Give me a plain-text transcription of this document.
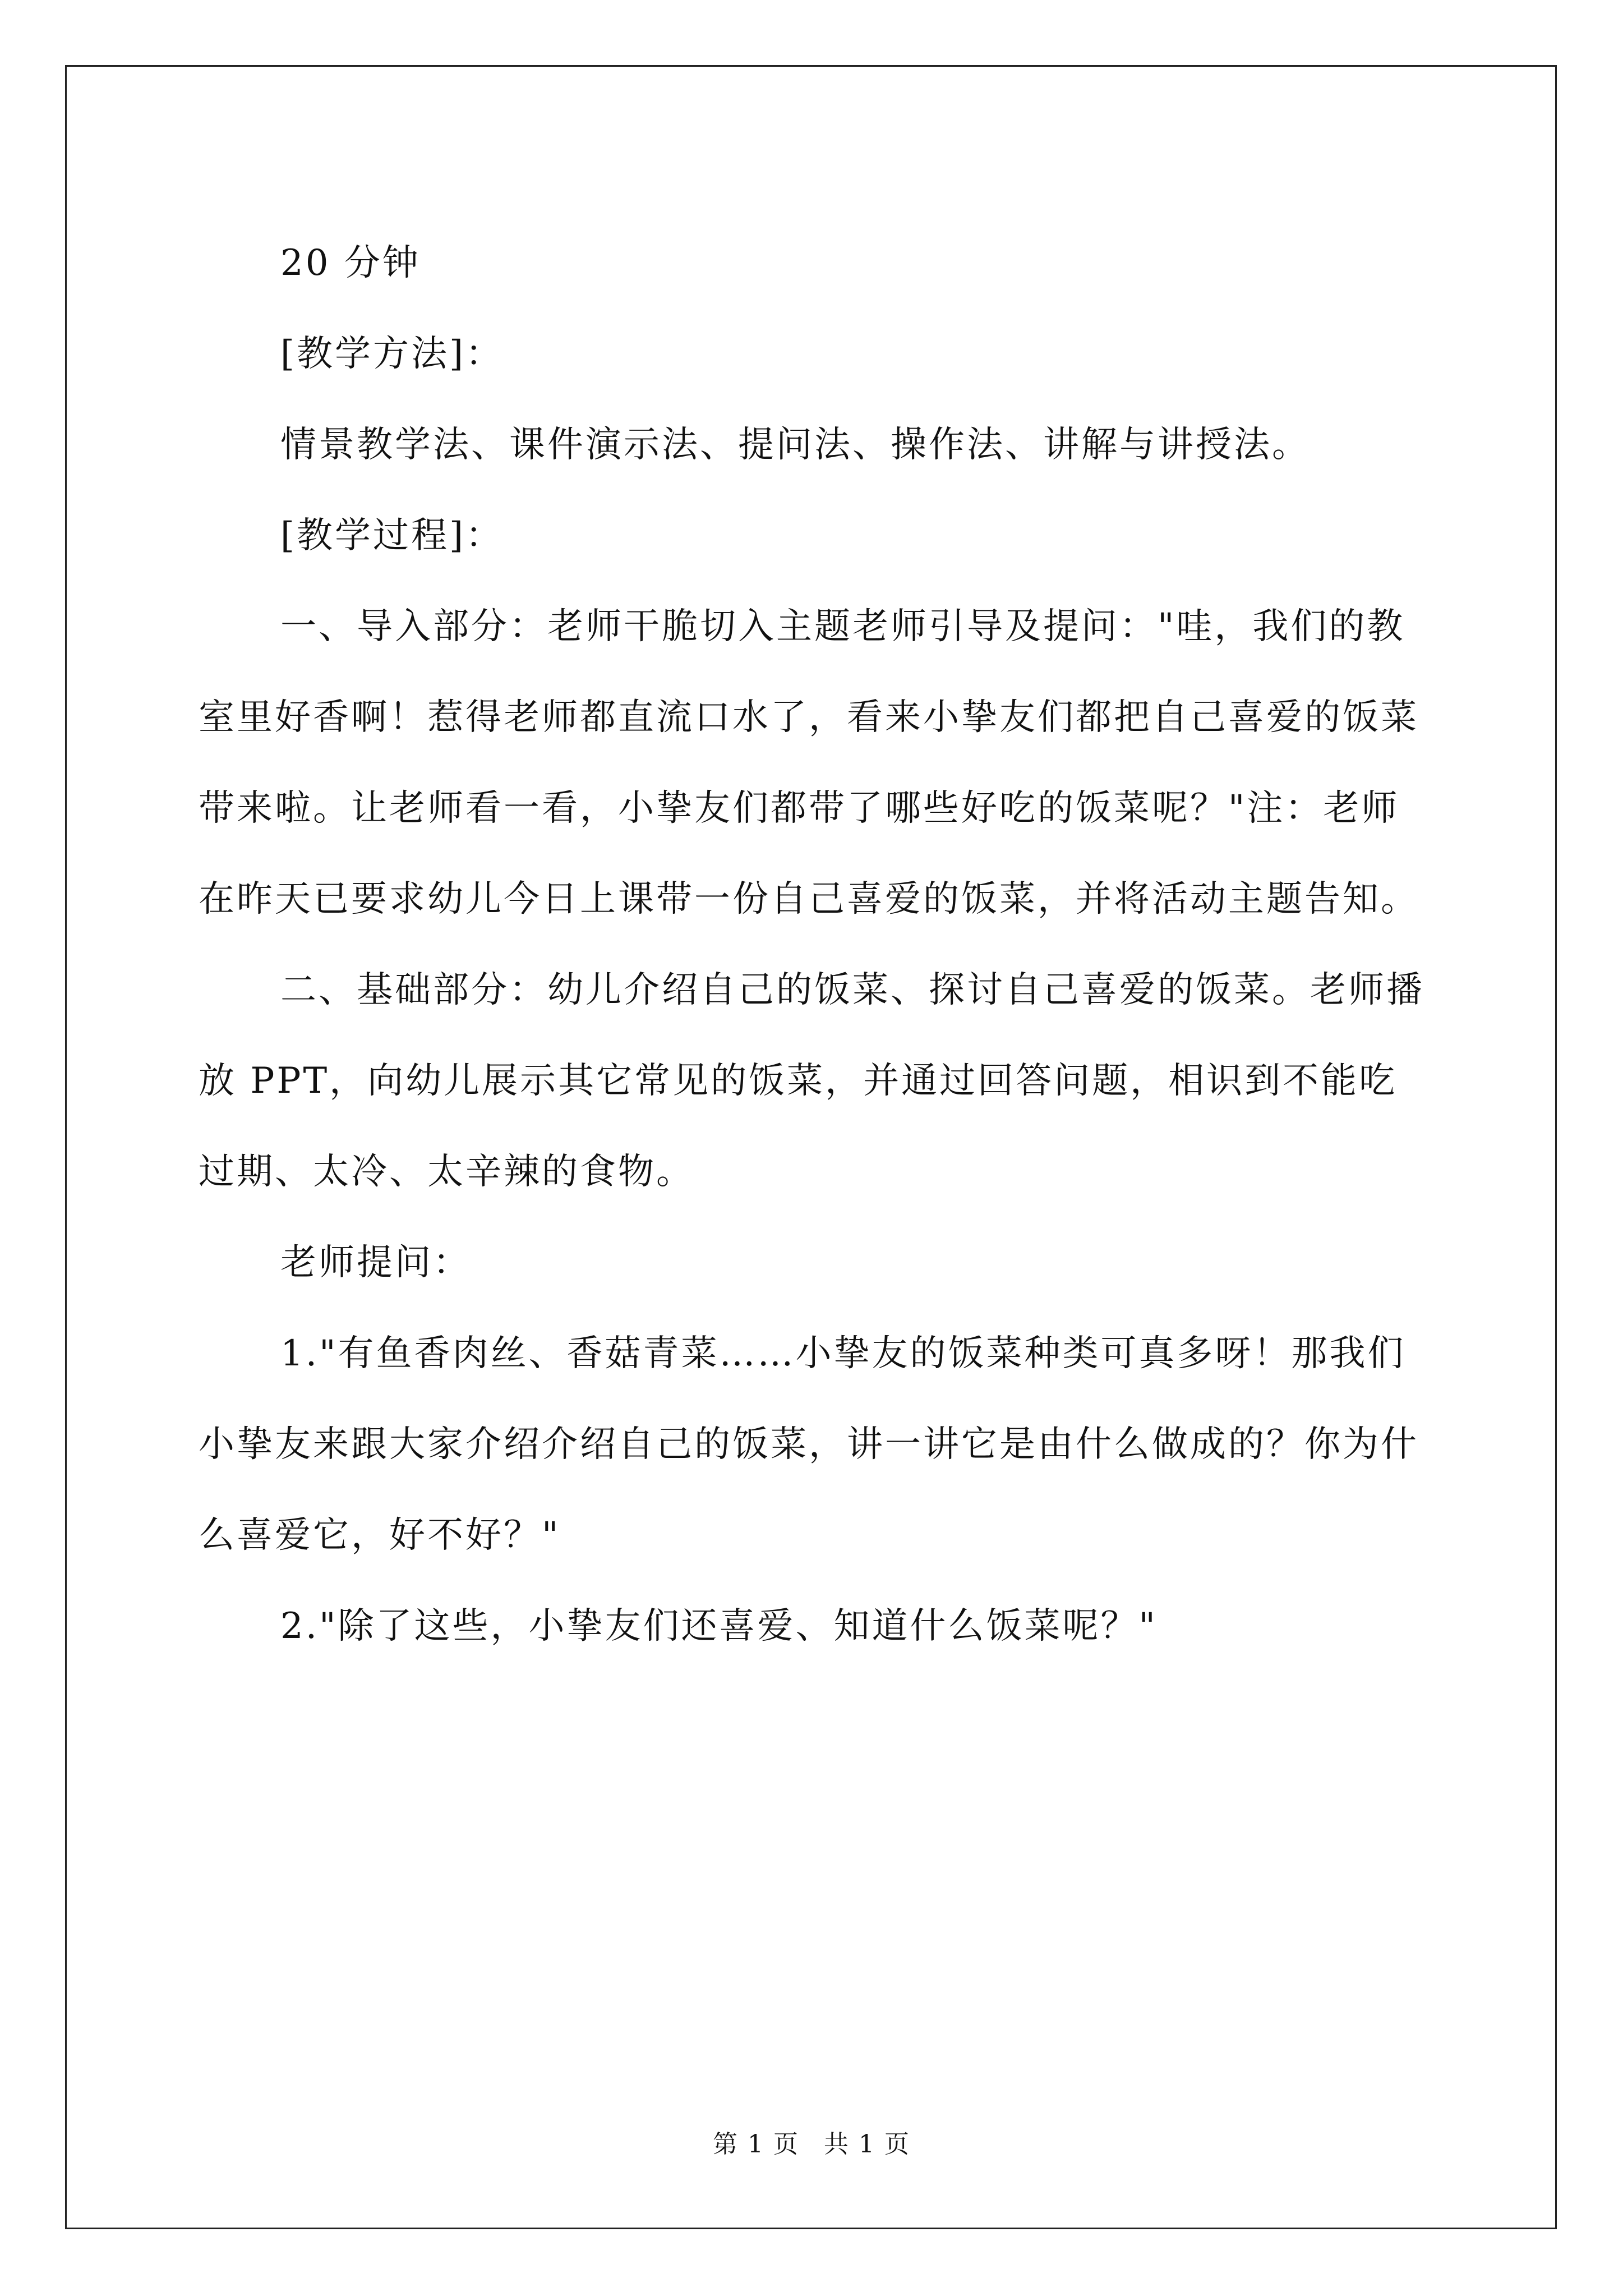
20 分钟

[教学方法]：

情景教学法、课件演示法、提问法、操作法、讲解与讲授法。

[教学过程]：

一、导入部分：老师干脆切入主题老师引导及提问："哇，我们的教室里好香啊！惹得老师都直流口水了，看来小挚友们都把自己喜爱的饭菜带来啦。让老师看一看，小挚友们都带了哪些好吃的饭菜呢？"注：老师在昨天已要求幼儿今日上课带一份自己喜爱的饭菜，并将活动主题告知。

二、基础部分：幼儿介绍自己的饭菜、探讨自己喜爱的饭菜。老师播放 PPT，向幼儿展示其它常见的饭菜，并通过回答问题，相识到不能吃过期、太冷、太辛辣的食物。

老师提问：

1."有鱼香肉丝、香菇青菜……小挚友的饭菜种类可真多呀！那我们小挚友来跟大家介绍介绍自己的饭菜，讲一讲它是由什么做成的？你为什么喜爱它，好不好？"

2."除了这些，小挚友们还喜爱、知道什么饭菜呢？"

第 1 页 共 1 页
